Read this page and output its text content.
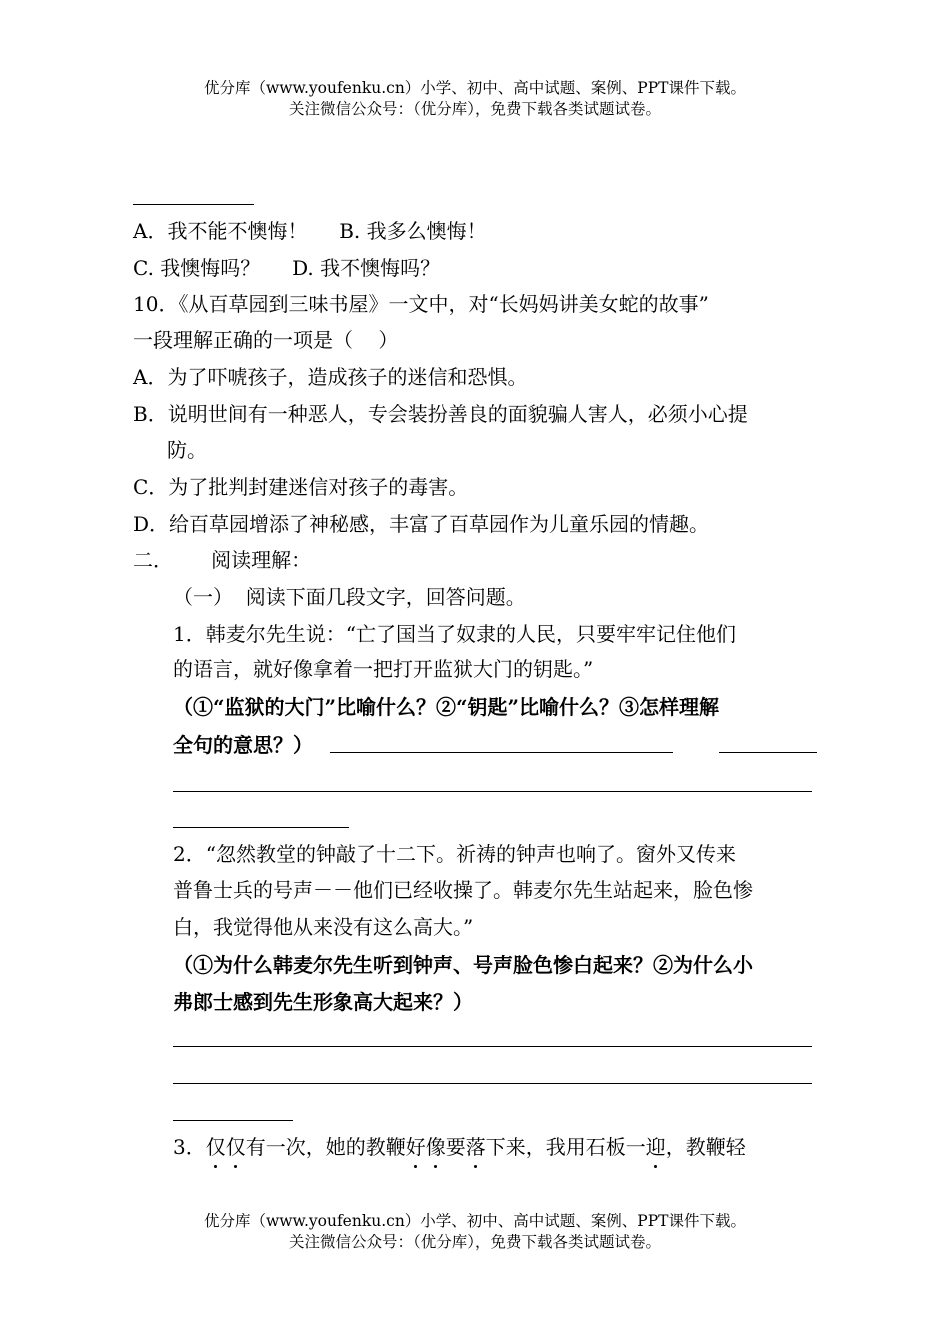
优分库（www.youfenku.cn）小学、初中、高中试题、案例、PPT课件下载。
关注微信公众号：（优分库），免费下载各类试题试卷。
A．我不能不懊悔！     B. 我多么懊悔！
C. 我懊悔吗？     D. 我不懊悔吗？
10．《从百草园到三味书屋》一文中，对“长妈妈讲美女蛇的故事”
一段理解正确的一项是（    ）
A．为了吓唬孩子，造成孩子的迷信和恐惧。
B．说明世间有一种恶人，专会装扮善良的面貌骗人害人，必须小心提
防。
C．为了批判封建迷信对孩子的毒害。
D．给百草园增添了神秘感，丰富了百草园作为儿童乐园的情趣。
二．      阅读理解：
（一）  阅读下面几段文字，回答问题。
1．韩麦尔先生说：“亡了国当了奴隶的人民，只要牢牢记住他们
的语言，就好像拿着一把打开监狱大门的钥匙。”
（①“监狱的大门”比喻什么？②“钥匙”比喻什么？③怎样理解
全句的意思？）
2．“忽然教堂的钟敲了十二下。祈祷的钟声也响了。窗外又传来
普鲁士兵的号声－－他们已经收操了。韩麦尔先生站起来，脸色惨
白，我觉得他从来没有这么高大。”
（①为什么韩麦尔先生听到钟声、号声脸色惨白起来？②为什么小
弗郎士感到先生形象高大起来？）
3．仅仅有一次，她的教鞭好像要落下来，我用石板一迎，教鞭轻
优分库（www.youfenku.cn）小学、初中、高中试题、案例、PPT课件下载。
关注微信公众号：（优分库），免费下载各类试题试卷。
